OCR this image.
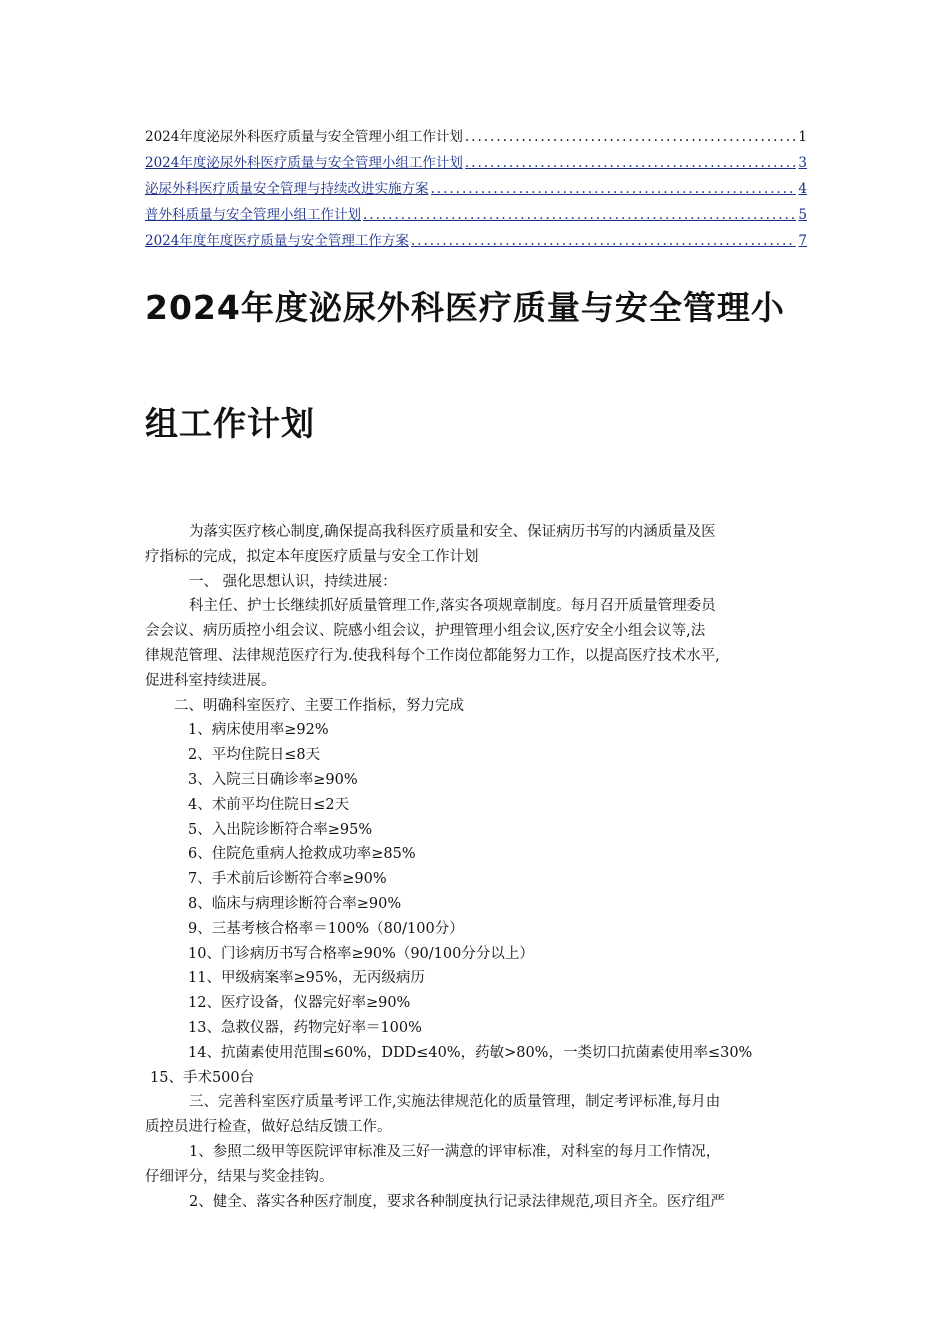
2024年度泌尿外科医疗质量与安全管理小组工作计划 .....	1
2024年度泌尿外科医疗质量与安全管理小组工作计划 .....	3
泌尿外科医疗质量安全管理与持续改进实施方案 .....	4
普外科质量与安全管理小组工作计划 .....	5
2024年度年度医疗质量与安全管理工作方案 .....	7
2024年度泌尿外科医疗质量与安全管理小
组工作计划
为落实医疗核心制度,确保提高我科医疗质量和安全、保证病历书写的内涵质量及医
疗指标的完成，拟定本年度医疗质量与安全工作计划
一、 强化思想认识，持续进展：
科主任、护士长继续抓好质量管理工作,落实各项规章制度。每月召开质量管理委员
会会议、病历质控小组会议、院感小组会议，护理管理小组会议,医疗安全小组会议等,法
律规范管理、法律规范医疗行为.使我科每个工作岗位都能努力工作，以提高医疗技术水平,
促进科室持续进展。
二、明确科室医疗、主要工作指标，努力完成
1、病床使用率≥92%
2、平均住院日≤8天
3、入院三日确诊率≥90%
4、术前平均住院日≤2天
5、入出院诊断符合率≥95%
6、住院危重病人抢救成功率≥85%
7、手术前后诊断符合率≥90%
8、临床与病理诊断符合率≥90%
9、三基考核合格率＝100%（80/100分）
10、门诊病历书写合格率≥90%（90/100分分以上）
11、甲级病案率≥95%，无丙级病历
12、医疗设备，仪器完好率≥90%
13、急救仪器，药物完好率＝100%
14、抗菌素使用范围≤60%，DDD≤40%，药敏>80%，一类切口抗菌素使用率≤30%
15、手术500台
三、完善科室医疗质量考评工作,实施法律规范化的质量管理，制定考评标准,每月由
质控员进行检查，做好总结反馈工作。
1、参照二级甲等医院评审标准及三好一满意的评审标准，对科室的每月工作情况，
仔细评分，结果与奖金挂钩。
2、健全、落实各种医疗制度，要求各种制度执行记录法律规范,项目齐全。医疗组严
